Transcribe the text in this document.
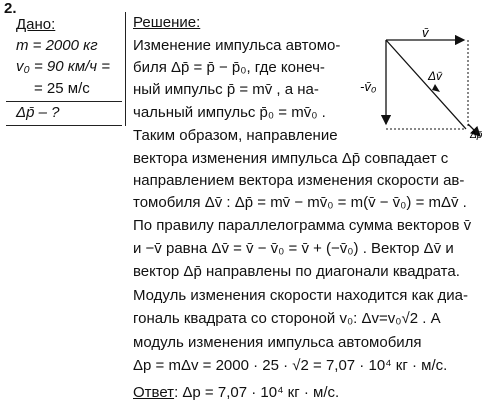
2.
Дано:
m = 2000 кг
v₀ = 90 км/ч =
= 25 м/с
Δp̄ – ?
Решение:
Изменение импульса автомо-
биля Δp̄ = p̄ − p̄₀, где конеч-
ный импульс p̄ = mv̄ , а на-
чальный импульс p̄₀ = mv̄₀ .
Таким образом, направление
вектора изменения импульса Δp̄ совпадает с
направлением вектора изменения скорости ав-
томобиля Δv̄ : Δp̄ = mv̄ − mv̄₀ = m(v̄ − v̄₀) = mΔv̄ .
По правилу параллелограмма сумма векторов v̄
и −v̄ равна Δv̄ = v̄ − v̄₀ = v̄ + (−v̄₀) . Вектор Δv̄ и
вектор Δp̄ направлены по диагонали квадрата.
Модуль изменения скорости находится как диа-
гональ квадрата со стороной v₀: Δv=v₀√2 . А
модуль изменения импульса автомобиля
Δp = mΔv = 2000 · 25 · √2 = 7,07 · 10⁴ кг · м/с.
Ответ: Δp = 7,07 · 10⁴ кг · м/с.
v̄
-v̄₀
Δv̄
Δp̄
